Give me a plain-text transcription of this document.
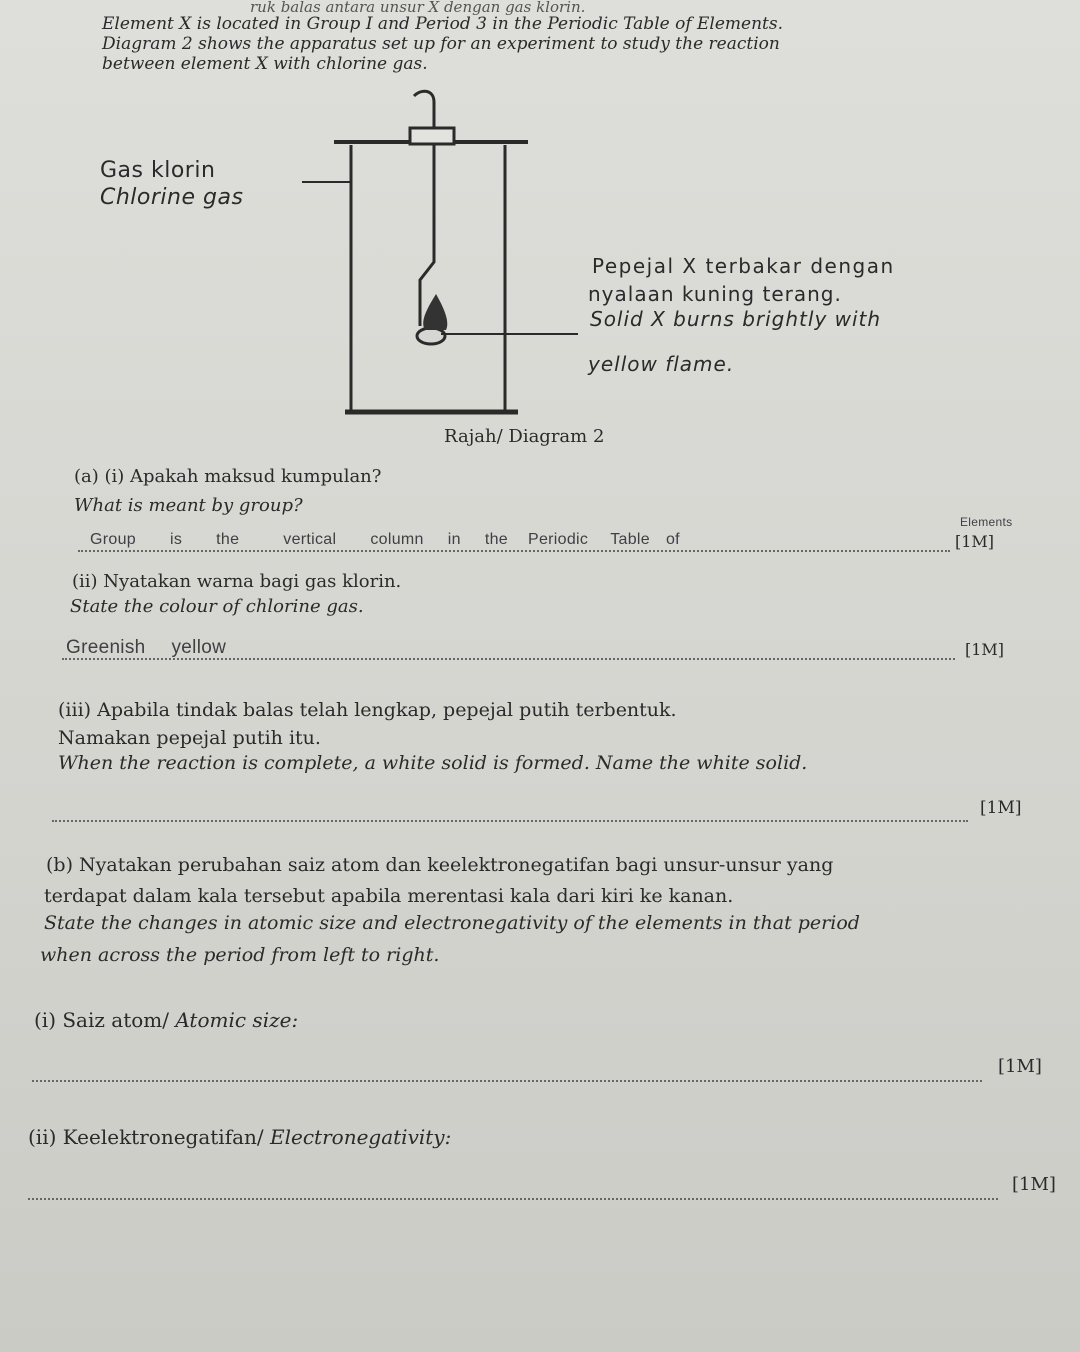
ruk balas antara unsur X dengan gas klorin.
Element X is located in Group I and Period 3 in the Periodic Table of Elements.
Diagram 2 shows the apparatus set up for an experiment to study the reaction
between element X with chlorine gas.
Gas klorin
Chlorine gas
Pepejal X terbakar dengan
nyalaan kuning terang.
Solid X burns brightly with
yellow flame.
Rajah/ Diagram 2
(a) (i) Apakah maksud kumpulan?
What is meant by group?
Group is the	vertical column in the Periodic Table of
Elements
[1M]
(ii) Nyatakan warna bagi gas klorin.
State the colour of chlorine gas.
Greenish yellow	[1M]
(iii) Apabila tindak balas telah lengkap, pepejal putih terbentuk.
Namakan pepejal putih itu.
When the reaction is complete, a white solid is formed. Name the white solid.
[1M]
(b) Nyatakan perubahan saiz atom dan keelektronegatifan bagi unsur-unsur yang
terdapat dalam kala tersebut apabila merentasi kala dari kiri ke kanan.
State the changes in atomic size and electronegativity of the elements in that period
when across the period from left to right.
(i) Saiz atom/ Atomic size:
[1M]
(ii) Keelektronegatifan/ Electronegativity:
[1M]
